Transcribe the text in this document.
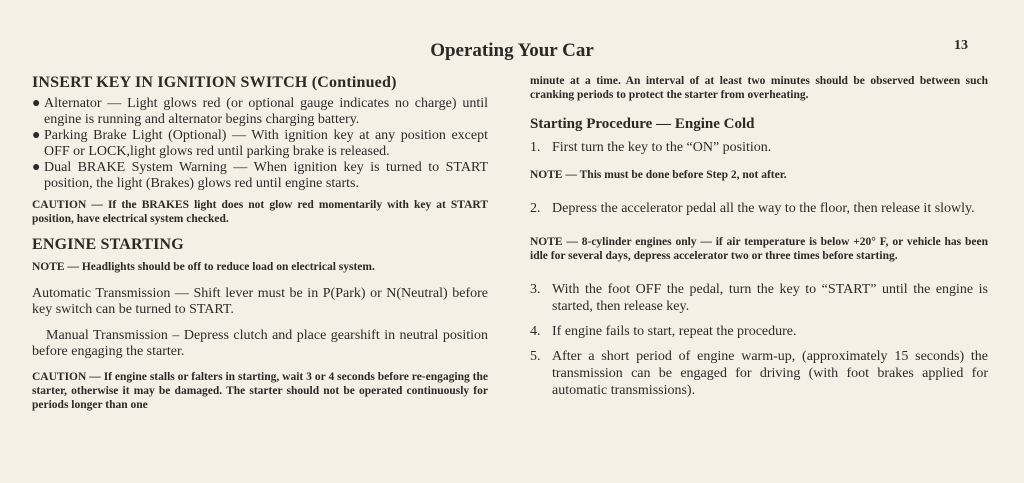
Operating Your Car	13
INSERT KEY IN IGNITION SWITCH (Continued)

● Alternator — Light glows red (or optional gauge indicates no charge) until engine is running and alternator begins charging battery.

● Parking Brake Light (Optional) — With ignition key at any position except OFF or LOCK,light glows red until parking brake is released.

● Dual BRAKE System Warning — When ignition key is turned to START position, the light (Brakes) glows red until engine starts.

CAUTION — If the BRAKES light does not glow red momentarily with key at START position, have electrical system checked.

ENGINE STARTING

NOTE — Headlights should be off to reduce load on electrical system.

Automatic Transmission — Shift lever must be in P(Park) or N(Neutral) before key switch can be turned to START.

Manual Transmission – Depress clutch and place gearshift in neutral position before engaging the starter.

CAUTION — If engine stalls or falters in starting, wait 3 or 4 seconds before re-engaging the starter, otherwise it may be damaged. The starter should not be operated continuously for periods longer than one

minute at a time. An interval of at least two minutes should be observed between such cranking periods to protect the starter from overheating.

Starting Procedure — Engine Cold

1. First turn the key to the “ON” position.

NOTE — This must be done before Step 2, not after.

2. Depress the accelerator pedal all the way to the floor, then release it slowly.

NOTE — 8-cylinder engines only — if air temperature is below +20° F, or vehicle has been idle for several days, depress accelerator two or three times before starting.

3. With the foot OFF the pedal, turn the key to “START” until the engine is started, then release key.

4. If engine fails to start, repeat the procedure.

5. After a short period of engine warm-up, (approximately 15 seconds) the transmission can be engaged for driving (with foot brakes applied for automatic transmissions).
